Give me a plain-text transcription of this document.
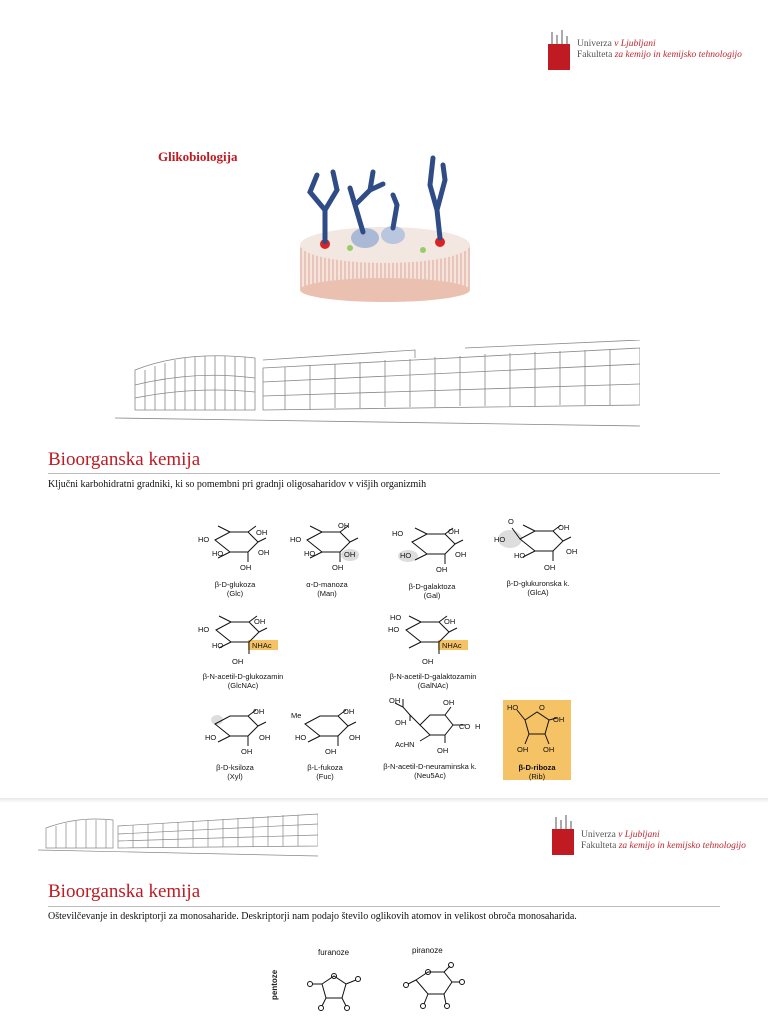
Univerza v Ljubljani
Fakulteta za kemijo in kemijsko tehnologijo
Glikobiologija
Bioorganska kemija
Ključni karbohidratni gradniki, ki so pomembni pri gradnji oligosaharidov v višjih organizmih
HO
OH
HO	OH
OH
β-D-glukoza
(Glc)
HO
OH
HO	OH
OH
α-D-manoza
(Man)
HO	OH
HO	OH
OH
β-D-galaktoza
(Gal)
O
HO
OH
HO	OH
OH
β-D-glukuronska k.
(GlcA)
HO
OH
HO	NHAc
OH
β-N-acetil-D-glukozamin
(GlcNAc)
HO	OH
HO
NHAc
OH
β-N-acetil-D-galaktozamin
(GalNAc)
OH
HO	OH
OH
β-D-ksiloza
(Xyl)
Me	OH
HO	OH
OH
β-L-fukoza
(Fuc)
OH
OH
OH
CO H
AcHN
OH
β-N-acetil-D-neuraminska k.
(Neu5Ac)
HO	O
OH
OH OH
β-D-riboza
(Rib)
Univerza v Ljubljani
Fakulteta za kemijo in kemijsko tehnologijo
Bioorganska kemija
Oštevilčevanje in deskriptorji za monosaharide. Deskriptorji nam podajo število oglikovih atomov in velikost obroča monosaharida.
furanoze	piranoze
pentoze
